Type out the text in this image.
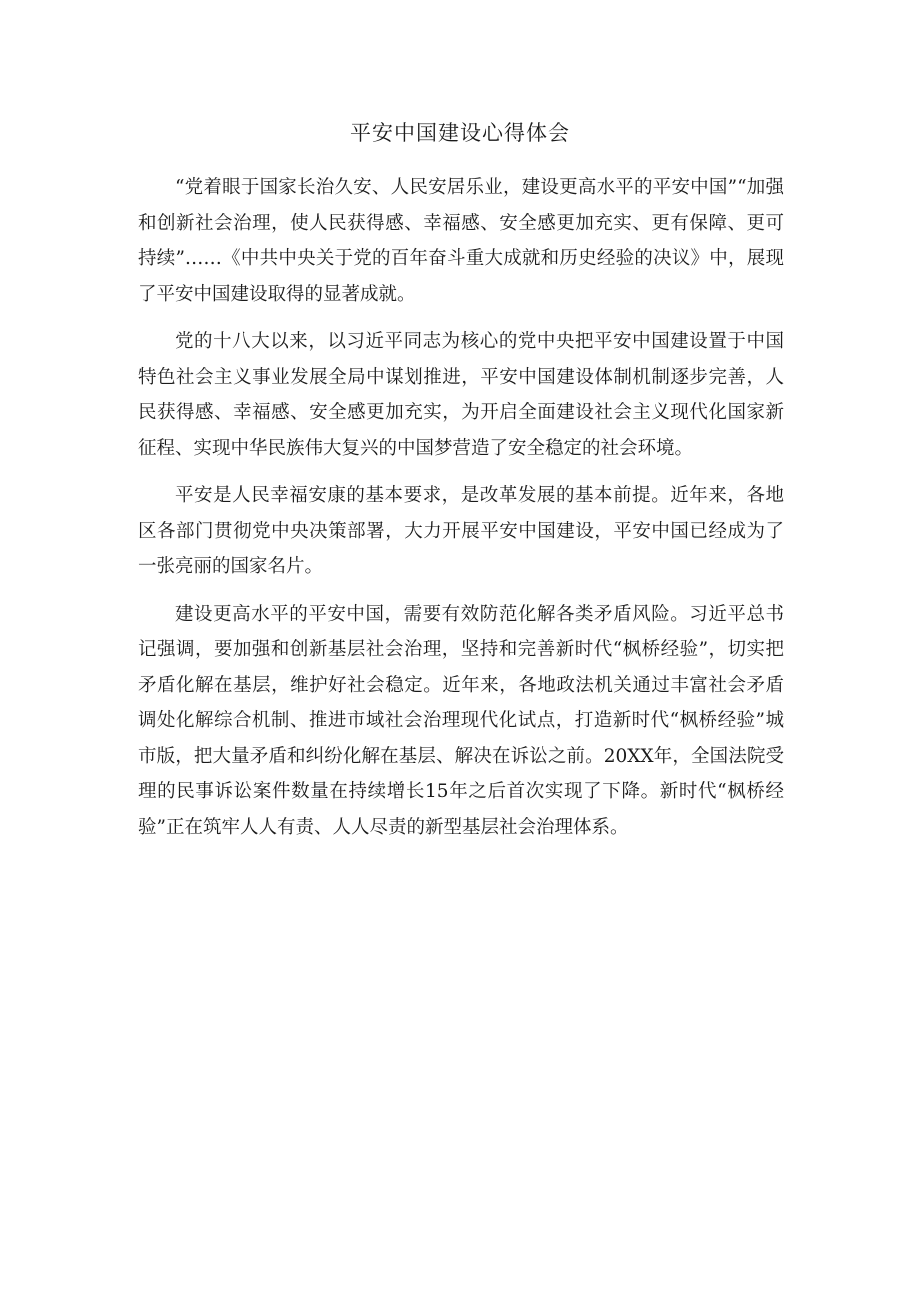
平安中国建设心得体会

“党着眼于国家长治久安、人民安居乐业，建设更高水平的平安中国”“加强和创新社会治理，使人民获得感、幸福感、安全感更加充实、更有保障、更可持续”……《中共中央关于党的百年奋斗重大成就和历史经验的决议》中，展现了平安中国建设取得的显著成就。

党的十八大以来，以习近平同志为核心的党中央把平安中国建设置于中国特色社会主义事业发展全局中谋划推进，平安中国建设体制机制逐步完善，人民获得感、幸福感、安全感更加充实，为开启全面建设社会主义现代化国家新征程、实现中华民族伟大复兴的中国梦营造了安全稳定的社会环境。

平安是人民幸福安康的基本要求，是改革发展的基本前提。近年来，各地区各部门贯彻党中央决策部署，大力开展平安中国建设，平安中国已经成为了一张亮丽的国家名片。

建设更高水平的平安中国，需要有效防范化解各类矛盾风险。习近平总书记强调，要加强和创新基层社会治理，坚持和完善新时代“枫桥经验”，切实把矛盾化解在基层，维护好社会稳定。近年来，各地政法机关通过丰富社会矛盾调处化解综合机制、推进市域社会治理现代化试点，打造新时代“枫桥经验”城市版，把大量矛盾和纠纷化解在基层、解决在诉讼之前。20XX年，全国法院受理的民事诉讼案件数量在持续增长15年之后首次实现了下降。新时代“枫桥经验”正在筑牢人人有责、人人尽责的新型基层社会治理体系。
